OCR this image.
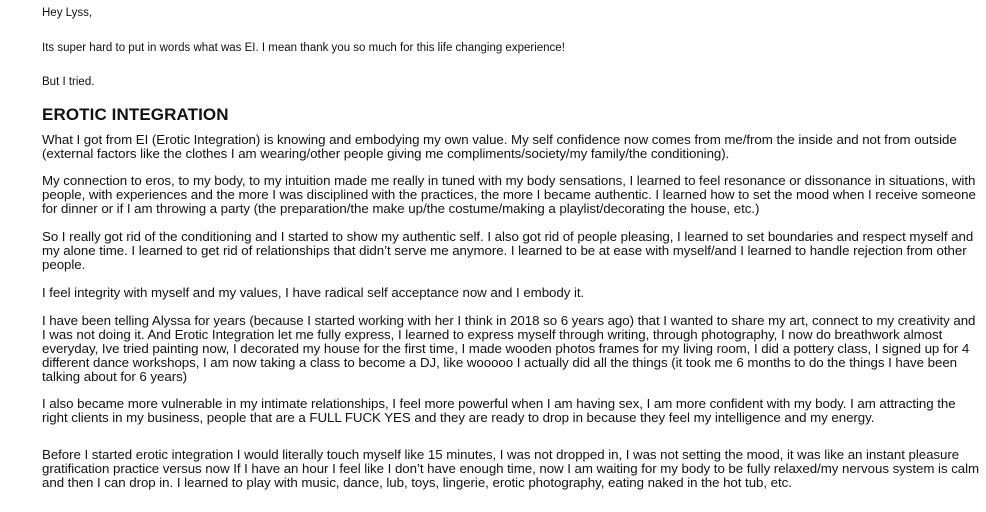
Hey Lyss,

Its super hard to put in words what was EI. I mean thank you so much for this life changing experience!

But I tried.

EROTIC INTEGRATION

What I got from EI (Erotic Integration) is knowing and embodying my own value. My self confidence now comes from me/from the inside and not from outside (external factors like the clothes I am wearing/other people giving me compliments/society/my family/the conditioning).

My connection to eros, to my body, to my intuition made me really in tuned with my body sensations, I learned to feel resonance or dissonance in situations, with people, with experiences and the more I was disciplined with the practices, the more I became authentic. I learned how to set the mood when I receive someone for dinner or if I am throwing a party (the preparation/the make up/the costume/making a playlist/decorating the house, etc.)

So I really got rid of the conditioning and I started to show my authentic self. I also got rid of people pleasing, I learned to set boundaries and respect myself and my alone time. I learned to get rid of relationships that didn’t serve me anymore. I learned to be at ease with myself/and I learned to handle rejection from other people.

I feel integrity with myself and my values, I have radical self acceptance now and I embody it.

I have been telling Alyssa for years (because I started working with her I think in 2018 so 6 years ago) that I wanted to share my art, connect to my creativity and I was not doing it. And Erotic Integration let me fully express, I learned to express myself through writing, through photography, I now do breathwork almost everyday, Ive tried painting now, I decorated my house for the first time, I made wooden photos frames for my living room, I did a pottery class, I signed up for 4 different dance workshops, I am now taking a class to become a DJ, like wooooo I actually did all the things (it took me 6 months to do the things I have been talking about for 6 years)

I also became more vulnerable in my intimate relationships, I feel more powerful when I am having sex, I am more confident with my body. I am attracting the right clients in my business, people that are a FULL FUCK YES and they are ready to drop in because they feel my intelligence and my energy.

Before I started erotic integration I would literally touch myself like 15 minutes, I was not dropped in, I was not setting the mood, it was like an instant pleasure gratification practice versus now If I have an hour I feel like I don’t have enough time, now I am waiting for my body to be fully relaxed/my nervous system is calm and then I can drop in. I learned to play with music, dance, lub, toys, lingerie, erotic photography, eating naked in the hot tub, etc.
